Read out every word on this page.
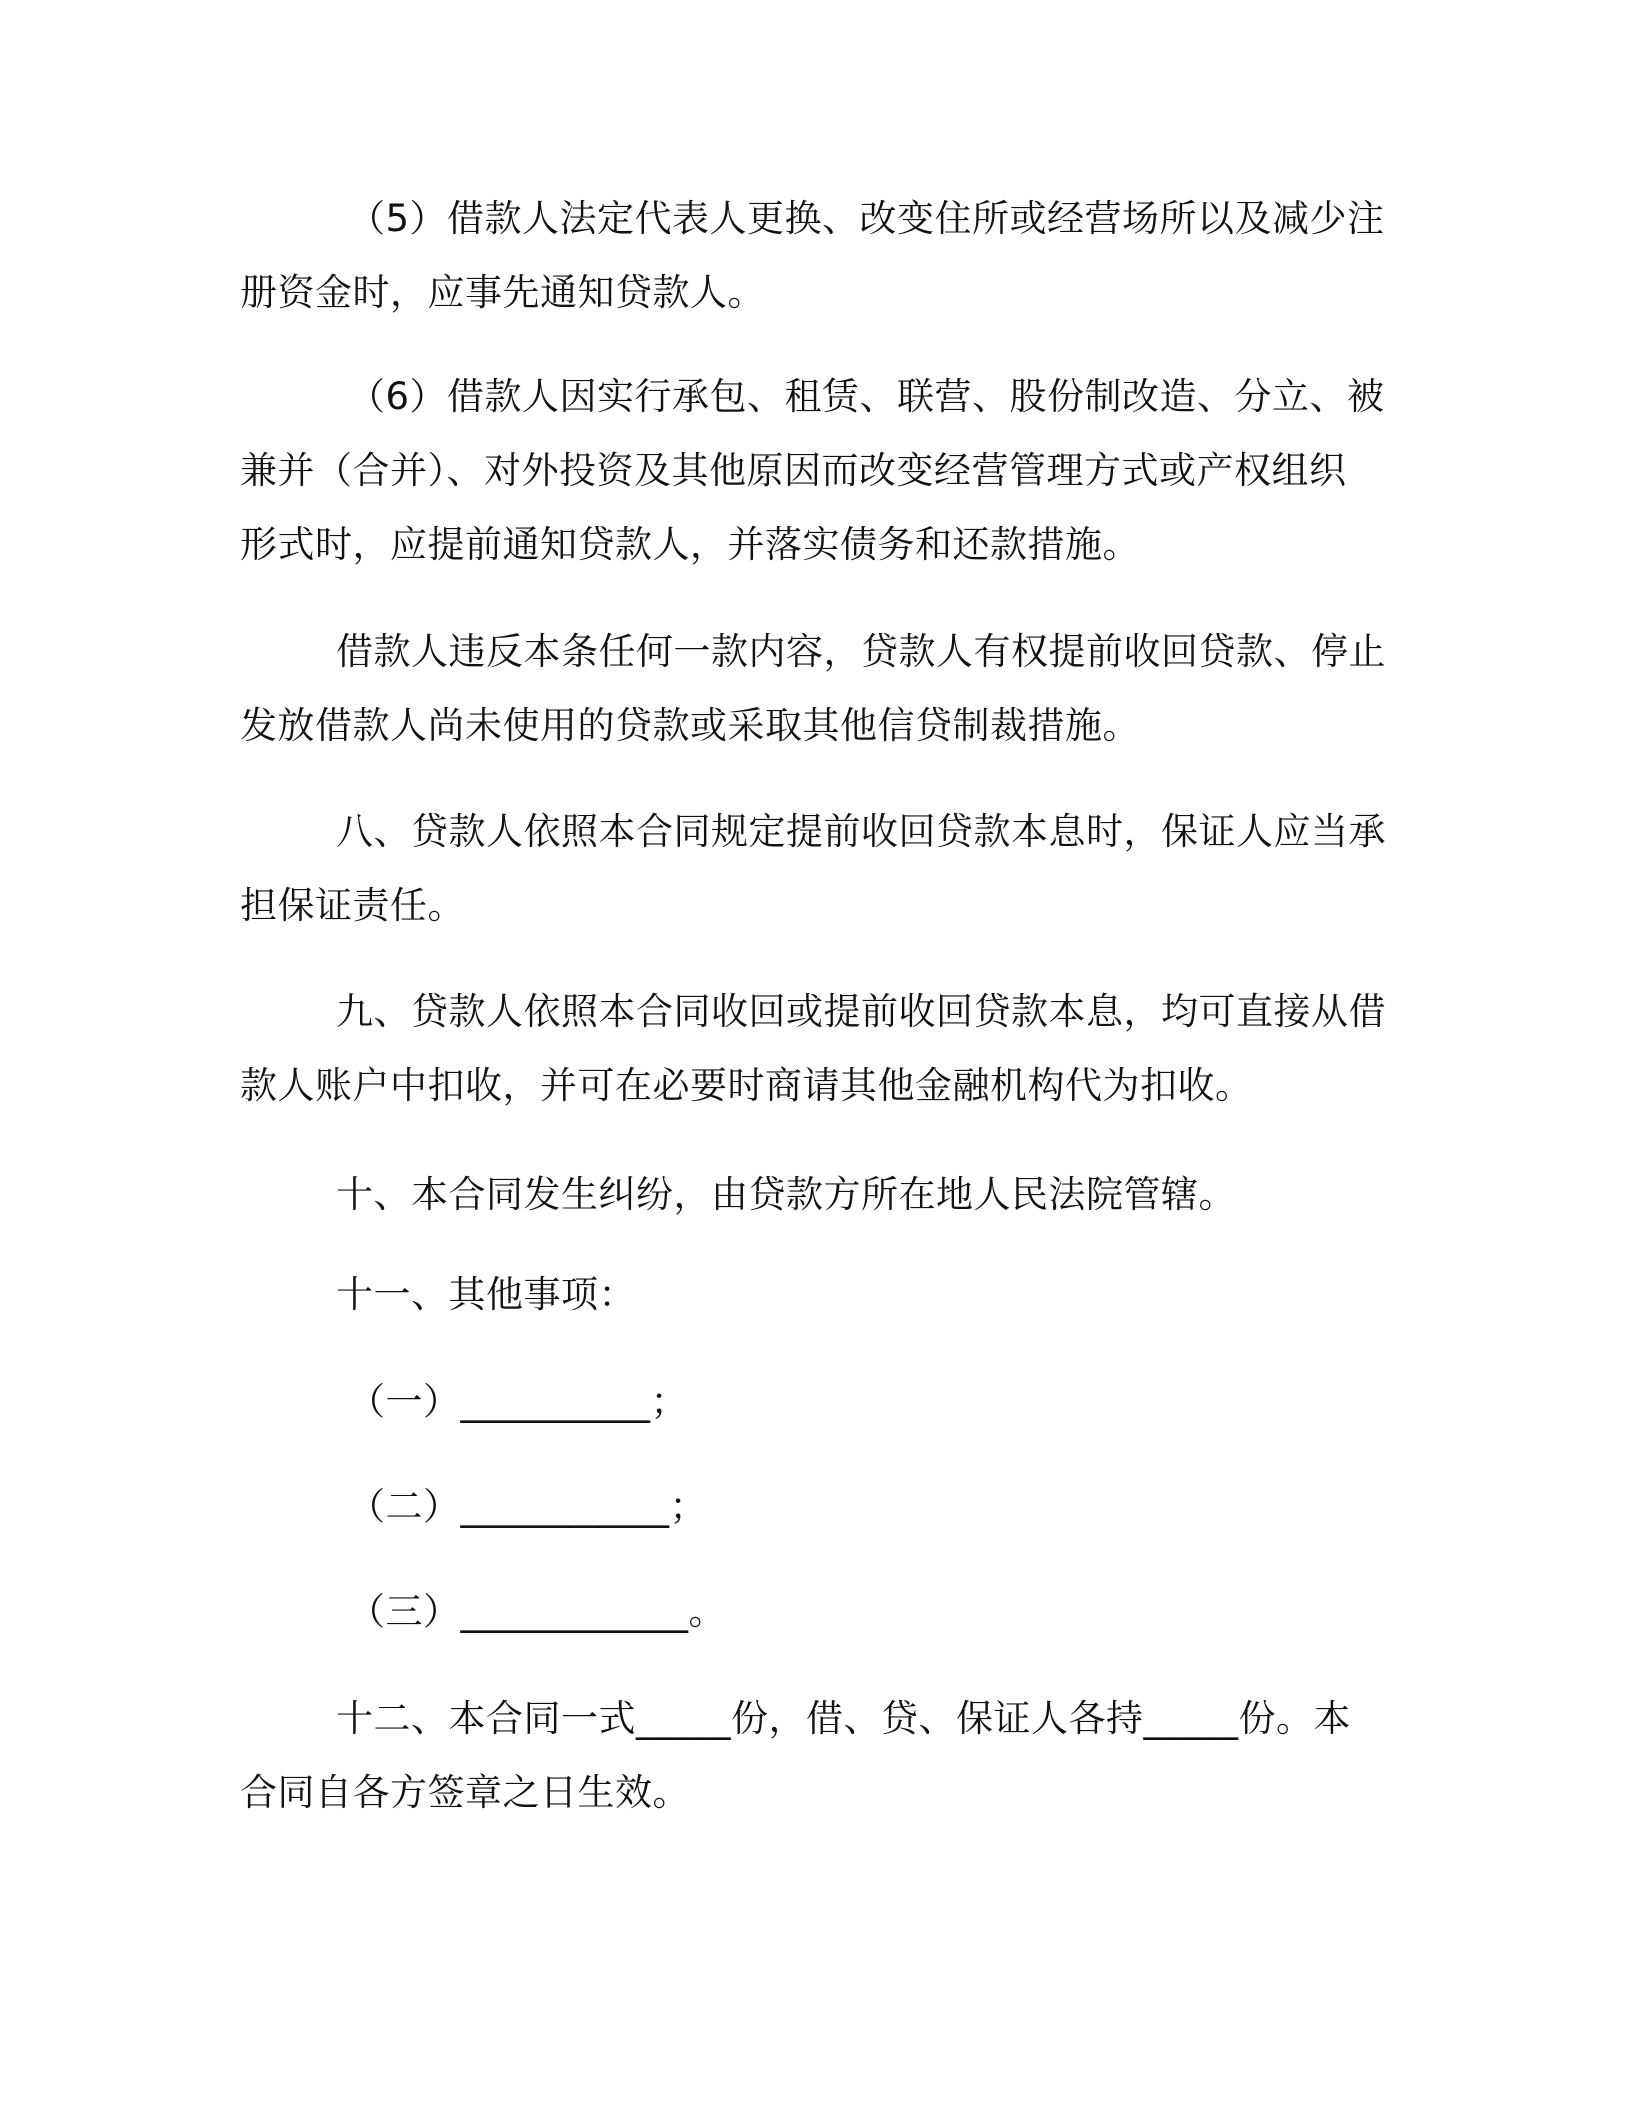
（5）借款人法定代表人更换、改变住所或经营场所以及减少注
册资金时，应事先通知贷款人。
（6）借款人因实行承包、租赁、联营、股份制改造、分立、被
兼并（合并）、对外投资及其他原因而改变经营管理方式或产权组织
形式时，应提前通知贷款人，并落实债务和还款措施。
借款人违反本条任何一款内容，贷款人有权提前收回贷款、停止
发放借款人尚未使用的贷款或采取其他信贷制裁措施。
八、贷款人依照本合同规定提前收回贷款本息时，保证人应当承
担保证责任。
九、贷款人依照本合同收回或提前收回贷款本息，均可直接从借
款人账户中扣收，并可在必要时商请其他金融机构代为扣收。
十、本合同发生纠纷，由贷款方所在地人民法院管辖。
十一、其他事项：
（一）__________；
（二）___________；
（三）____________。
十二、本合同一式_____份，借、贷、保证人各持_____份。本
合同自各方签章之日生效。
